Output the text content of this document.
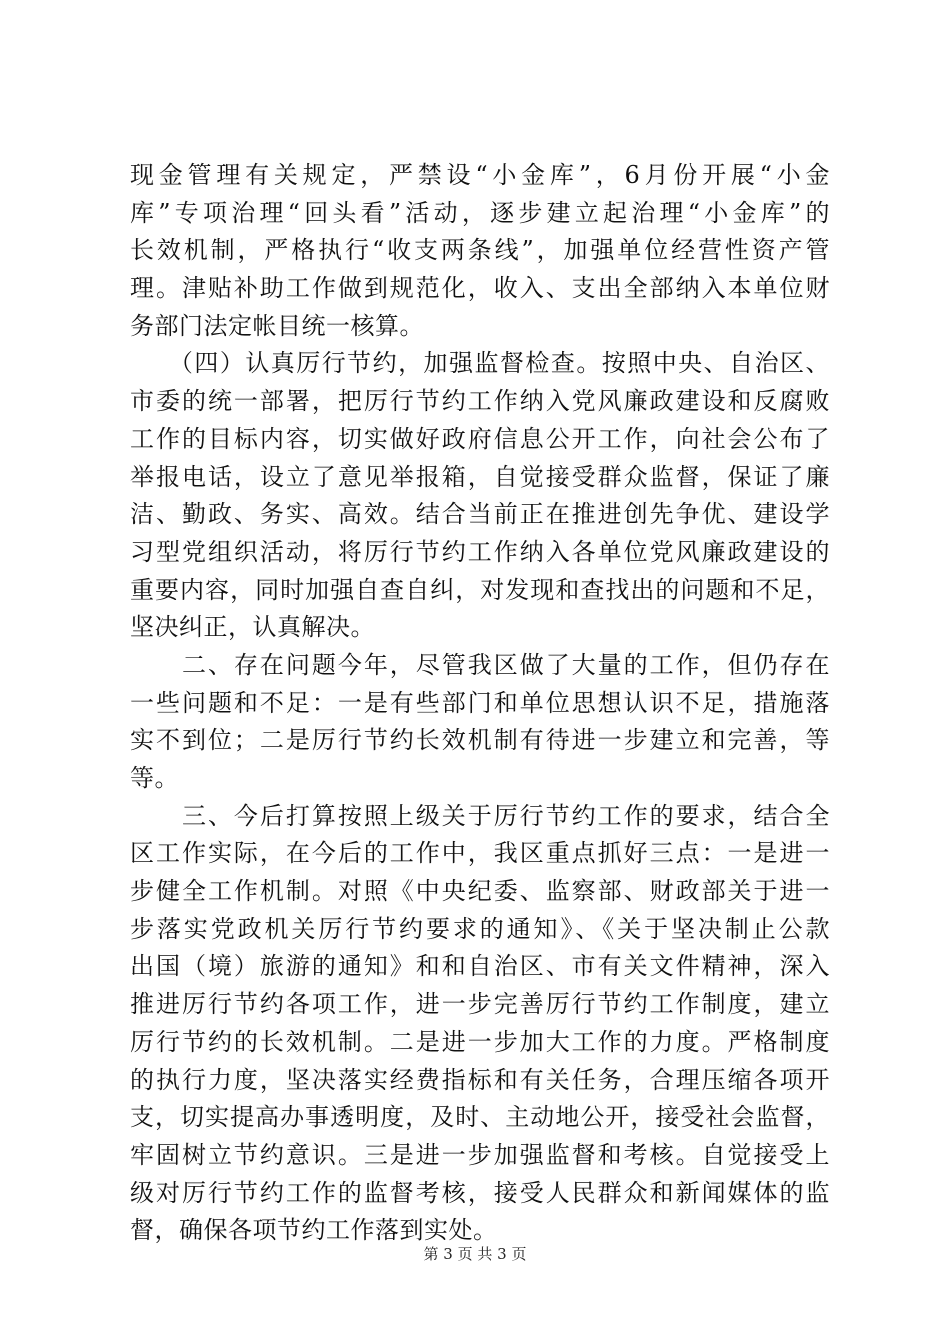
现金管理有关规定，严禁设“小金库”，6月份开展“小金
库”专项治理“回头看”活动，逐步建立起治理“小金库”的
长效机制，严格执行“收支两条线”，加强单位经营性资产管
理。津贴补助工作做到规范化，收入、支出全部纳入本单位财
务部门法定帐目统一核算。
　　（四）认真厉行节约，加强监督检查。按照中央、自治区、
市委的统一部署，把厉行节约工作纳入党风廉政建设和反腐败
工作的目标内容，切实做好政府信息公开工作，向社会公布了
举报电话，设立了意见举报箱，自觉接受群众监督，保证了廉
洁、勤政、务实、高效。结合当前正在推进创先争优、建设学
习型党组织活动，将厉行节约工作纳入各单位党风廉政建设的
重要内容，同时加强自查自纠，对发现和查找出的问题和不足，
坚决纠正，认真解决。
　　二、存在问题今年，尽管我区做了大量的工作，但仍存在
一些问题和不足：一是有些部门和单位思想认识不足，措施落
实不到位；二是厉行节约长效机制有待进一步建立和完善，等
等。
　　三、今后打算按照上级关于厉行节约工作的要求，结合全
区工作实际，在今后的工作中，我区重点抓好三点：一是进一
步健全工作机制。对照《中央纪委、监察部、财政部关于进一
步落实党政机关厉行节约要求的通知》、《关于坚决制止公款
出国（境）旅游的通知》和和自治区、市有关文件精神，深入
推进厉行节约各项工作，进一步完善厉行节约工作制度，建立
厉行节约的长效机制。二是进一步加大工作的力度。严格制度
的执行力度，坚决落实经费指标和有关任务，合理压缩各项开
支，切实提高办事透明度，及时、主动地公开，接受社会监督，
牢固树立节约意识。三是进一步加强监督和考核。自觉接受上
级对厉行节约工作的监督考核，接受人民群众和新闻媒体的监
督，确保各项节约工作落到实处。
第 3 页 共 3 页
